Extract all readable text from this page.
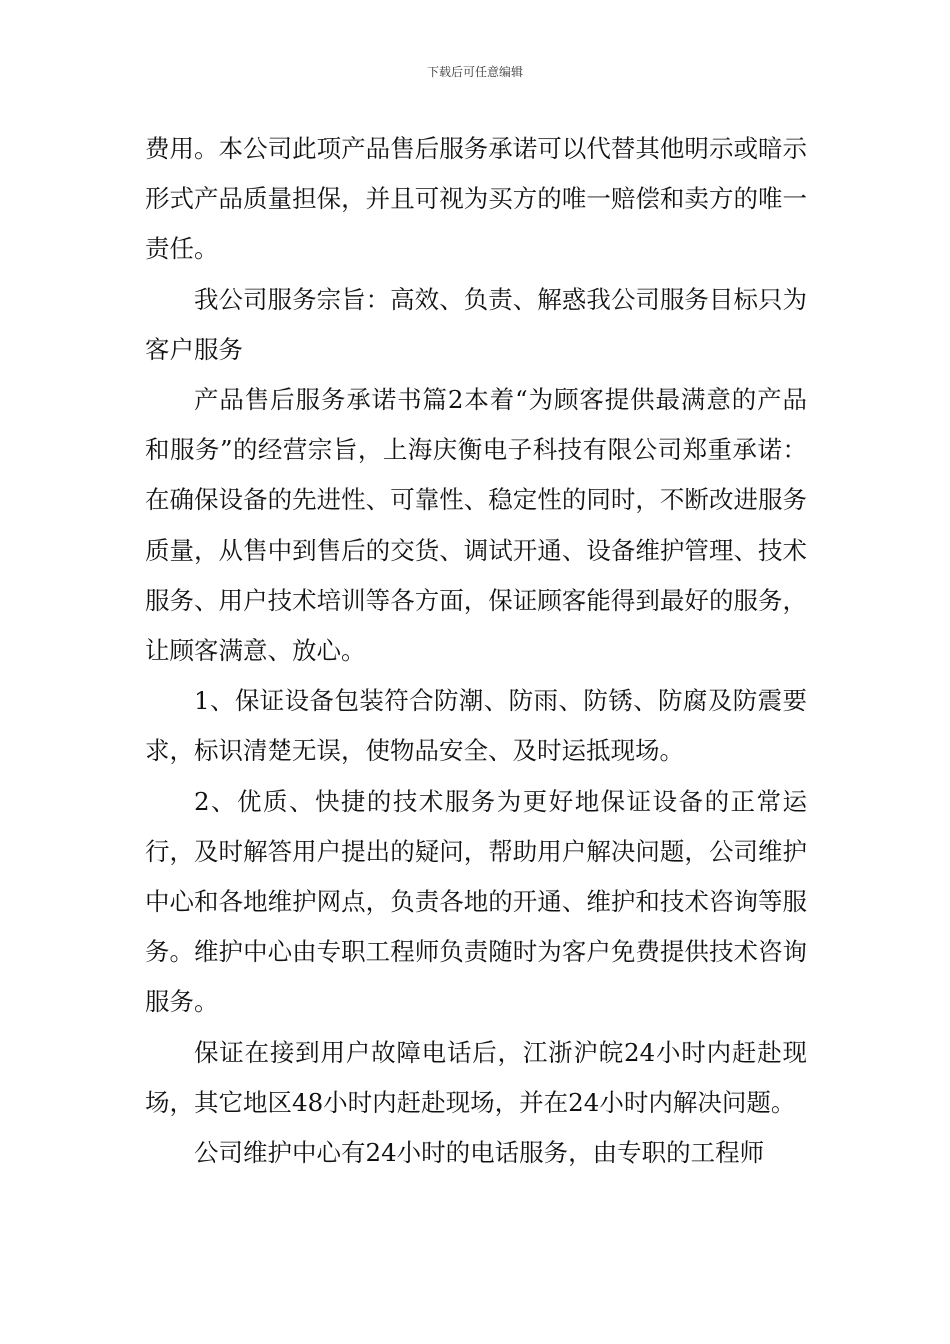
下载后可任意编辑

费用。本公司此项产品售后服务承诺可以代替其他明示或暗示形式产品质量担保，并且可视为买方的唯一赔偿和卖方的唯一责任。

我公司服务宗旨：高效、负责、解惑我公司服务目标只为客户服务

产品售后服务承诺书篇2本着“为顾客提供最满意的产品和服务”的经营宗旨，上海庆衡电子科技有限公司郑重承诺：在确保设备的先进性、可靠性、稳定性的同时，不断改进服务质量，从售中到售后的交货、调试开通、设备维护管理、技术服务、用户技术培训等各方面，保证顾客能得到最好的服务，让顾客满意、放心。

1、保证设备包装符合防潮、防雨、防锈、防腐及防震要求，标识清楚无误，使物品安全、及时运抵现场。

2、优质、快捷的技术服务为更好地保证设备的正常运行，及时解答用户提出的疑问，帮助用户解决问题，公司维护中心和各地维护网点，负责各地的开通、维护和技术咨询等服务。维护中心由专职工程师负责随时为客户免费提供技术咨询服务。

保证在接到用户故障电话后，江浙沪皖24小时内赶赴现场，其它地区48小时内赶赴现场，并在24小时内解决问题。

公司维护中心有24小时的电话服务，由专职的工程师
